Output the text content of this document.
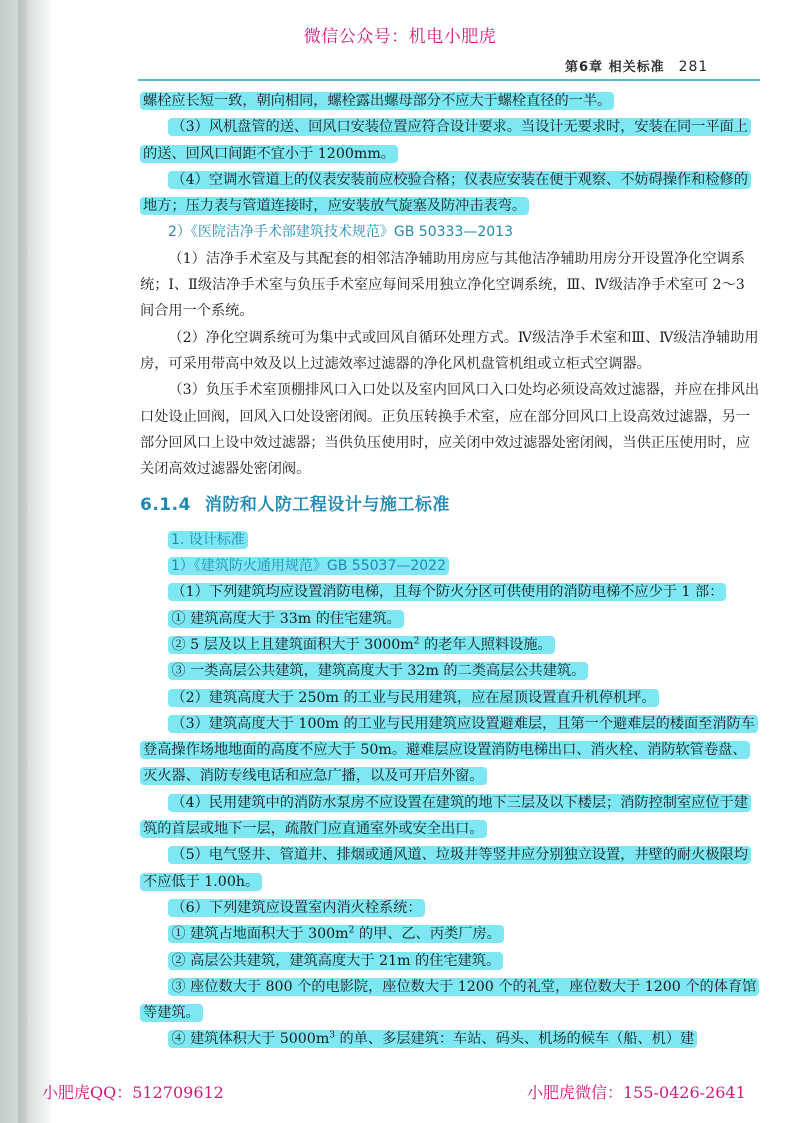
微信公众号：机电小肥虎
第6章 相关标准 281

螺栓应长短一致，朝向相同，螺栓露出螺母部分不应大于螺栓直径的一半。

（3）风机盘管的送、回风口安装位置应符合设计要求。当设计无要求时，安装在同一平面上的送、回风口间距不宜小于 1200mm。

（4）空调水管道上的仪表安装前应校验合格；仪表应安装在便于观察、不妨碍操作和检修的地方；压力表与管道连接时，应安装放气旋塞及防冲击表弯。

2）《医院洁净手术部建筑技术规范》GB 50333—2013

（1）洁净手术室及与其配套的相邻洁净辅助用房应与其他洁净辅助用房分开设置净化空调系统；Ⅰ、Ⅱ级洁净手术室与负压手术室应每间采用独立净化空调系统，Ⅲ、Ⅳ级洁净手术室可 2～3 间合用一个系统。

（2）净化空调系统可为集中式或回风自循环处理方式。Ⅳ级洁净手术室和Ⅲ、Ⅳ级洁净辅助用房，可采用带高中效及以上过滤效率过滤器的净化风机盘管机组或立柜式空调器。

（3）负压手术室顶棚排风口入口处以及室内回风口入口处均必须设高效过滤器，并应在排风出口处设止回阀，回风入口处设密闭阀。正负压转换手术室，应在部分回风口上设高效过滤器，另一部分回风口上设中效过滤器；当供负压使用时，应关闭中效过滤器处密闭阀，当供正压使用时，应关闭高效过滤器处密闭阀。

6.1.4 消防和人防工程设计与施工标准

1. 设计标准

1）《建筑防火通用规范》GB 55037—2022

（1）下列建筑均应设置消防电梯，且每个防火分区可供使用的消防电梯不应少于 1 部：

① 建筑高度大于 33m 的住宅建筑。

② 5 层及以上且建筑面积大于 $3000m^2$ 的老年人照料设施。

③ 一类高层公共建筑，建筑高度大于 32m 的二类高层公共建筑。

（2）建筑高度大于 250m 的工业与民用建筑，应在屋顶设置直升机停机坪。

（3）建筑高度大于 100m 的工业与民用建筑应设置避难层，且第一个避难层的楼面至消防车登高操作场地地面的高度不应大于 50m。避难层应设置消防电梯出口、消火栓、消防软管卷盘、灭火器、消防专线电话和应急广播，以及可开启外窗。

（4）民用建筑中的消防水泵房不应设置在建筑的地下三层及以下楼层；消防控制室应位于建筑的首层或地下一层，疏散门应直通室外或安全出口。

（5）电气竖井、管道井、排烟或通风道、垃圾井等竖井应分别独立设置，井壁的耐火极限均不应低于 1.00h。

（6）下列建筑应设置室内消火栓系统：

① 建筑占地面积大于 $300m^2$ 的甲、乙、丙类厂房。

② 高层公共建筑，建筑高度大于 21m 的住宅建筑。

③ 座位数大于 800 个的电影院，座位数大于 1200 个的礼堂，座位数大于 1200 个的体育馆等建筑。

④ 建筑体积大于 $5000m^3$ 的单、多层建筑：车站、码头、机场的候车（船、机）建

小肥虎QQ：512709612	小肥虎微信：155-0426-2641
